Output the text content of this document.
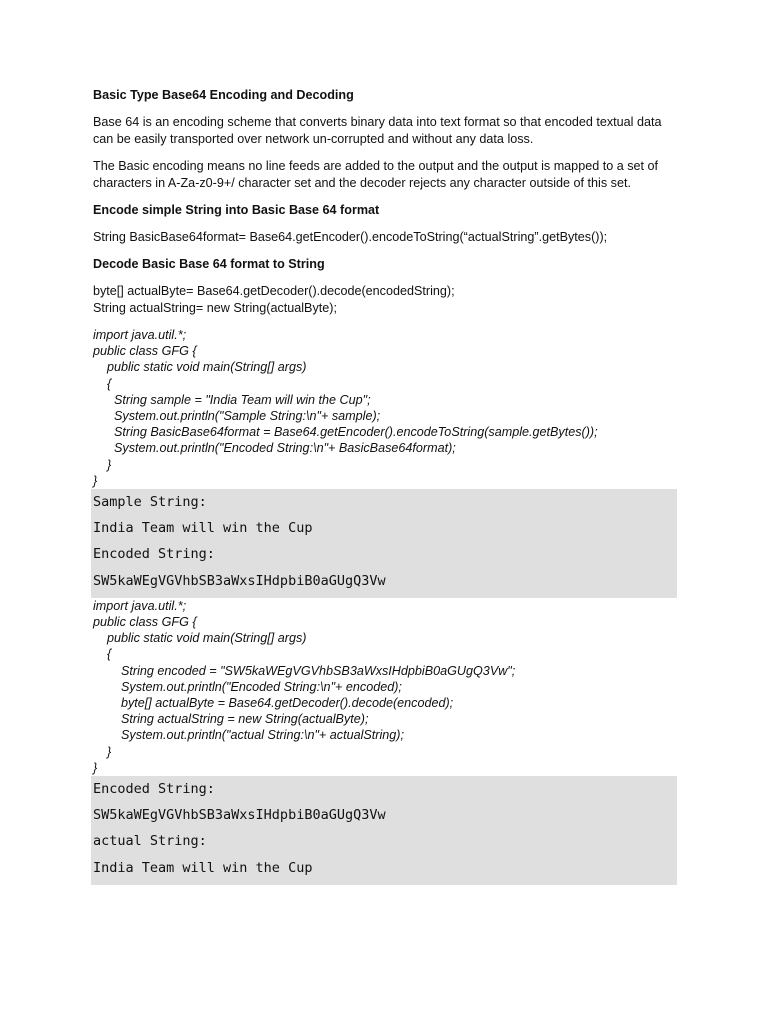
Basic Type Base64 Encoding and Decoding
Base 64 is an encoding scheme that converts binary data into text format so that encoded textual data can be easily transported over network un-corrupted and without any data loss.
The Basic encoding means no line feeds are added to the output and the output is mapped to a set of characters in A-Za-z0-9+/ character set and the decoder rejects any character outside of this set.
Encode simple String into Basic Base 64 format
String BasicBase64format= Base64.getEncoder().encodeToString(“actualString”.getBytes());
Decode Basic Base 64 format to String
byte[] actualByte= Base64.getDecoder().decode(encodedString);
String actualString= new String(actualByte);
import java.util.*;
public class GFG {
public static void main(String[] args)
{
String sample = "India Team will win the Cup";
System.out.println("Sample String:\n"+ sample);
String BasicBase64format = Base64.getEncoder().encodeToString(sample.getBytes());
System.out.println("Encoded String:\n"+ BasicBase64format);
}
}
Sample String:
India Team will win the Cup
Encoded String:
SW5kaWEgVGVhbSB3aWxsIHdpbiB0aGUgQ3Vw
import java.util.*;
public class GFG {
public static void main(String[] args)
{
String encoded = "SW5kaWEgVGVhbSB3aWxsIHdpbiB0aGUgQ3Vw";
System.out.println("Encoded String:\n"+ encoded);
byte[] actualByte = Base64.getDecoder().decode(encoded);
String actualString = new String(actualByte);
System.out.println("actual String:\n"+ actualString);
}
}
Encoded String:
SW5kaWEgVGVhbSB3aWxsIHdpbiB0aGUgQ3Vw
actual String:
India Team will win the Cup
